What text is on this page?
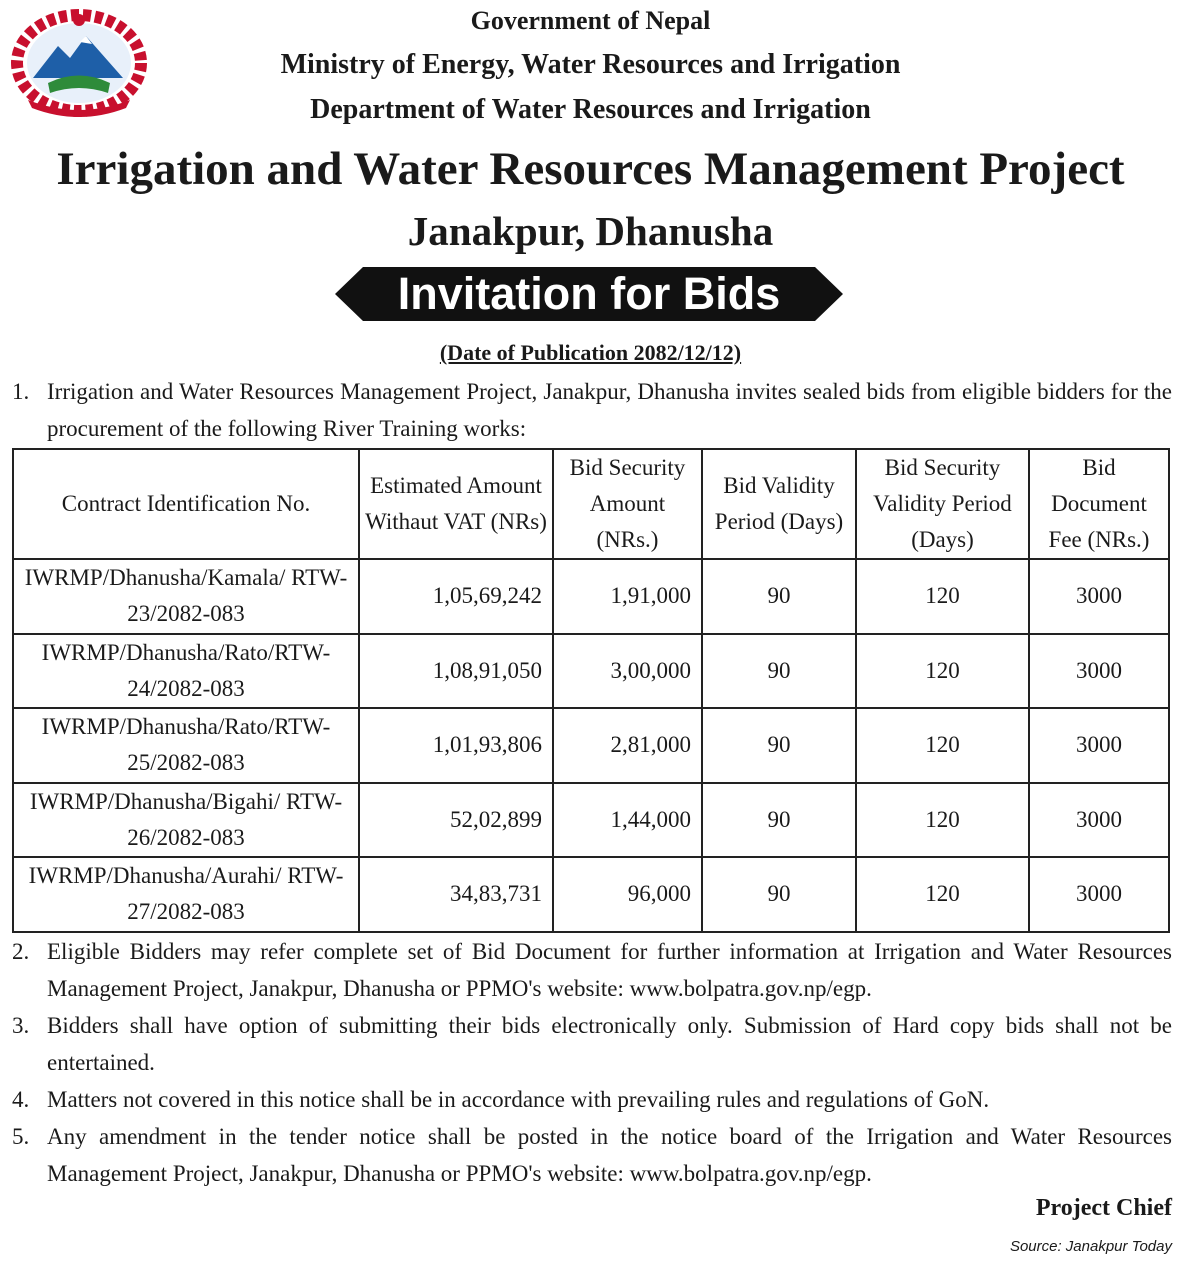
Government of Nepal
Ministry of Energy, Water Resources and Irrigation
Department of Water Resources and Irrigation
Irrigation and Water Resources Management Project
Janakpur, Dhanusha
Invitation for Bids
(Date of Publication 2082/12/12)
1. Irrigation and Water Resources Management Project, Janakpur, Dhanusha invites sealed bids from eligible bidders for the procurement of the following River Training works:
Contract Identification No.	Estimated Amount Withaut VAT (NRs)	Bid Security Amount (NRs.)	Bid Validity Period (Days)	Bid Security Validity Period (Days)	Bid Document Fee (NRs.)
IWRMP/Dhanusha/Kamala/ RTW-23/2082-083	1,05,69,242	1,91,000	90	120	3000
IWRMP/Dhanusha/Rato/RTW- 24/2082-083	1,08,91,050	3,00,000	90	120	3000
IWRMP/Dhanusha/Rato/RTW- 25/2082-083	1,01,93,806	2,81,000	90	120	3000
IWRMP/Dhanusha/Bigahi/ RTW-26/2082-083	52,02,899	1,44,000	90	120	3000
IWRMP/Dhanusha/Aurahi/ RTW-27/2082-083	34,83,731	96,000	90	120	3000
2. Eligible Bidders may refer complete set of Bid Document for further information at Irrigation and Water Resources Management Project, Janakpur, Dhanusha or PPMO's website: www.bolpatra.gov.np/egp.
3. Bidders shall have option of submitting their bids electronically only. Submission of Hard copy bids shall not be entertained.
4. Matters not covered in this notice shall be in accordance with prevailing rules and regulations of GoN.
5. Any amendment in the tender notice shall be posted in the notice board of the Irrigation and Water Resources Management Project, Janakpur, Dhanusha or PPMO's website: www.bolpatra.gov.np/egp.
Project Chief
Source: Janakpur Today
